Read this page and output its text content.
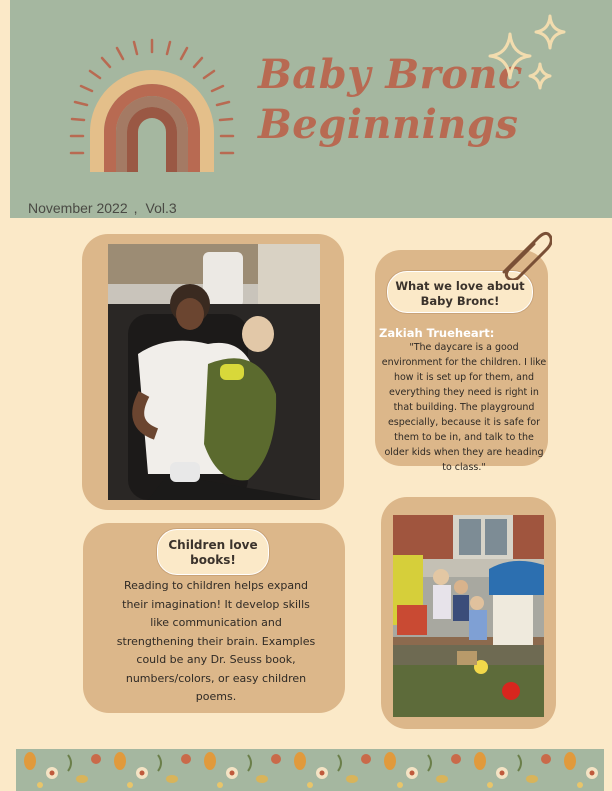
Baby Bronc
Beginnings
November 2022 , Vol.3
What we love about
Baby Bronc!
Zakiah Trueheart:
"The daycare is a good environment for the children. I like how it is set up for them, and everything they need is right in that building. The playground especially, because it is safe for them to be in, and talk to the older kids when they are heading to class."
Children love
books!
Reading to children helps expand their imagination! It develop skills like communication and strengthening their brain. Examples could be any Dr. Seuss book, numbers/colors, or easy children poems.
